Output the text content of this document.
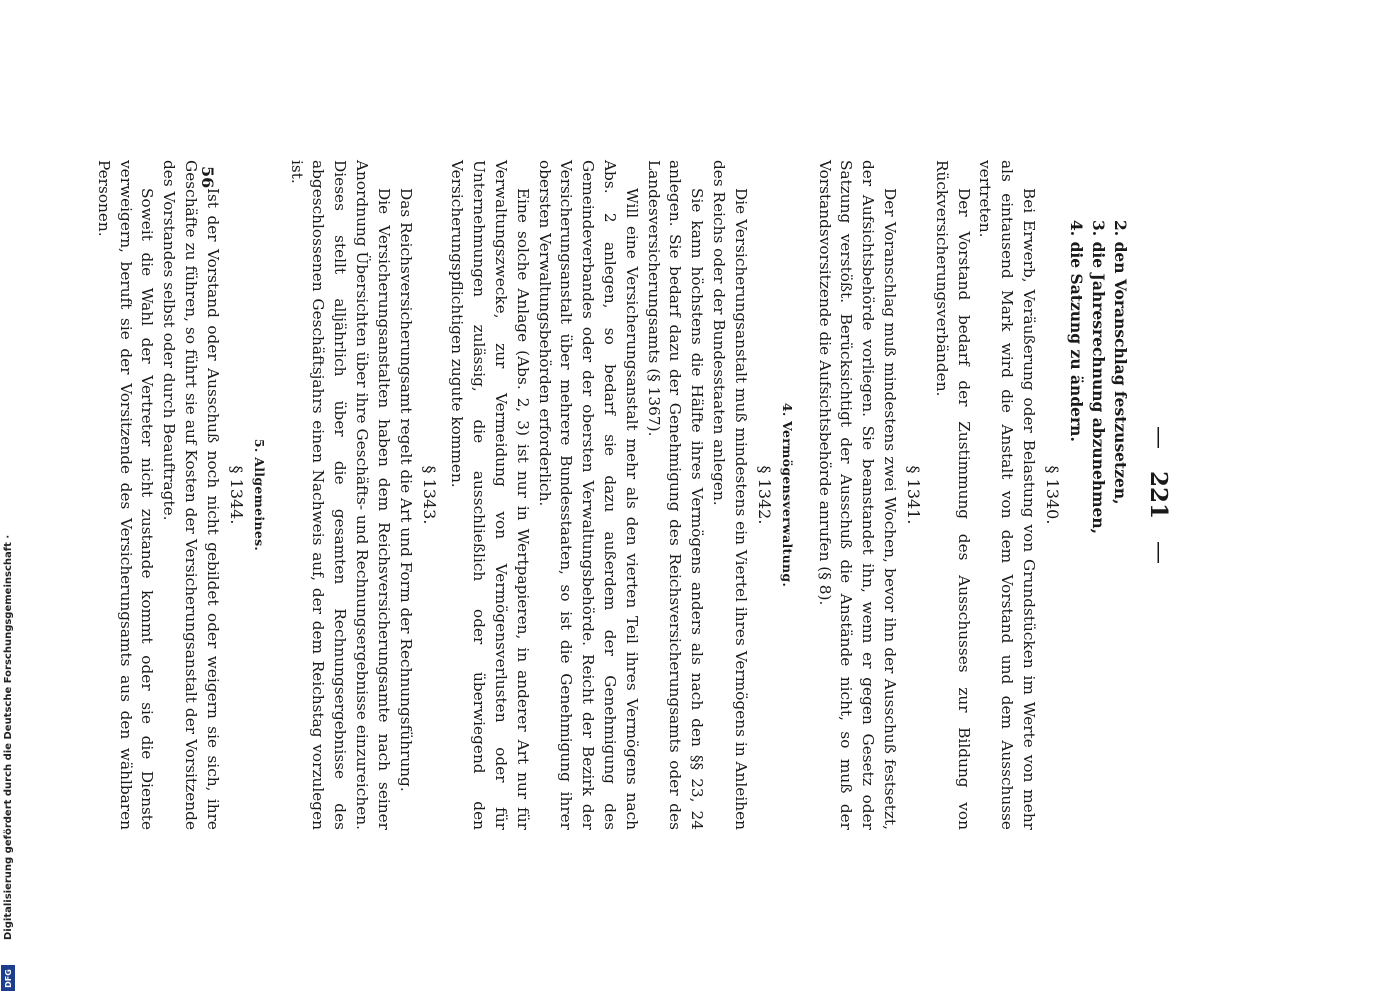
—
221
—
2. den Voranschlag festzusetzen,
3. die Jahresrechnung abzunehmen,
4. die Satzung zu ändern.
§ 1340.

Bei Erwerb, Veräußerung oder Belastung von Grundstücken im Werte von mehr als eintausend Mark wird die Anstalt von dem Vorstand und dem Ausschusse vertreten.

Der Vorstand bedarf der Zustimmung des Ausschusses zur Bildung von Rückversicherungsverbänden.

§ 1341.

Der Voranschlag muß mindestens zwei Wochen, bevor ihn der Ausschuß festsetzt, der Aufsichtsbehörde vorliegen. Sie beanstandet ihn, wenn er gegen Gesetz oder Satzung verstößt. Berücksichtigt der Ausschuß die Anstände nicht, so muß der Vorstandsvorsitzende die Aufsichtsbehörde anrufen (§ 8).

4. Vermögensverwaltung.
§ 1342.

Die Versicherungsanstalt muß mindestens ein Viertel ihres Vermögens in Anleihen des Reichs oder der Bundesstaaten anlegen.

Sie kann höchstens die Hälfte ihres Vermögens anders als nach den §§ 23, 24 anlegen. Sie bedarf dazu der Genehmigung des Reichsversicherungsamts oder des Landesversicherungsamts (§ 1367).

Will eine Versicherungsanstalt mehr als den vierten Teil ihres Vermögens nach Abs. 2 anlegen, so bedarf sie dazu außerdem der Genehmigung des Gemeindeverbandes oder der obersten Verwaltungsbehörde. Reicht der Bezirk der Versicherungsanstalt über mehrere Bundesstaaten, so ist die Genehmigung ihrer obersten Verwaltungsbehörden erforderlich.

Eine solche Anlage (Abs. 2, 3) ist nur in Wertpapieren, in anderer Art nur für Verwaltungszwecke, zur Vermeidung von Vermögensverlusten oder für Unternehmungen zulässig, die ausschließlich oder überwiegend den Versicherungspflichtigen zugute kommen.

§ 1343.

Das Reichsversicherungsamt regelt die Art und Form der Rechnungsführung.

Die Versicherungsanstalten haben dem Reichsversicherungsamte nach seiner Anordnung Übersichten über ihre Geschäfts- und Rechnungsergebnisse einzureichen. Dieses stellt alljährlich über die gesamten Rechnungsergebnisse des abgeschlossenen Geschäftsjahrs einen Nachweis auf, der dem Reichstag vorzulegen ist.

5. Allgemeines.
§ 1344.

Ist der Vorstand oder Ausschuß noch nicht gebildet oder weigern sie sich, ihre Geschäfte zu führen, so führt sie auf Kosten der Versicherungsanstalt der Vorsitzende des Vorstandes selbst oder durch Beauftragte.

Soweit die Wahl der Vertreter nicht zustande kommt oder sie die Dienste verweigern, beruft sie der Vorsitzende des Versicherungsamts aus den wählbaren Personen.	56
Digitalisierung gefördert durch die Deutsche Forschungsgemeinschaft ·
DFG
